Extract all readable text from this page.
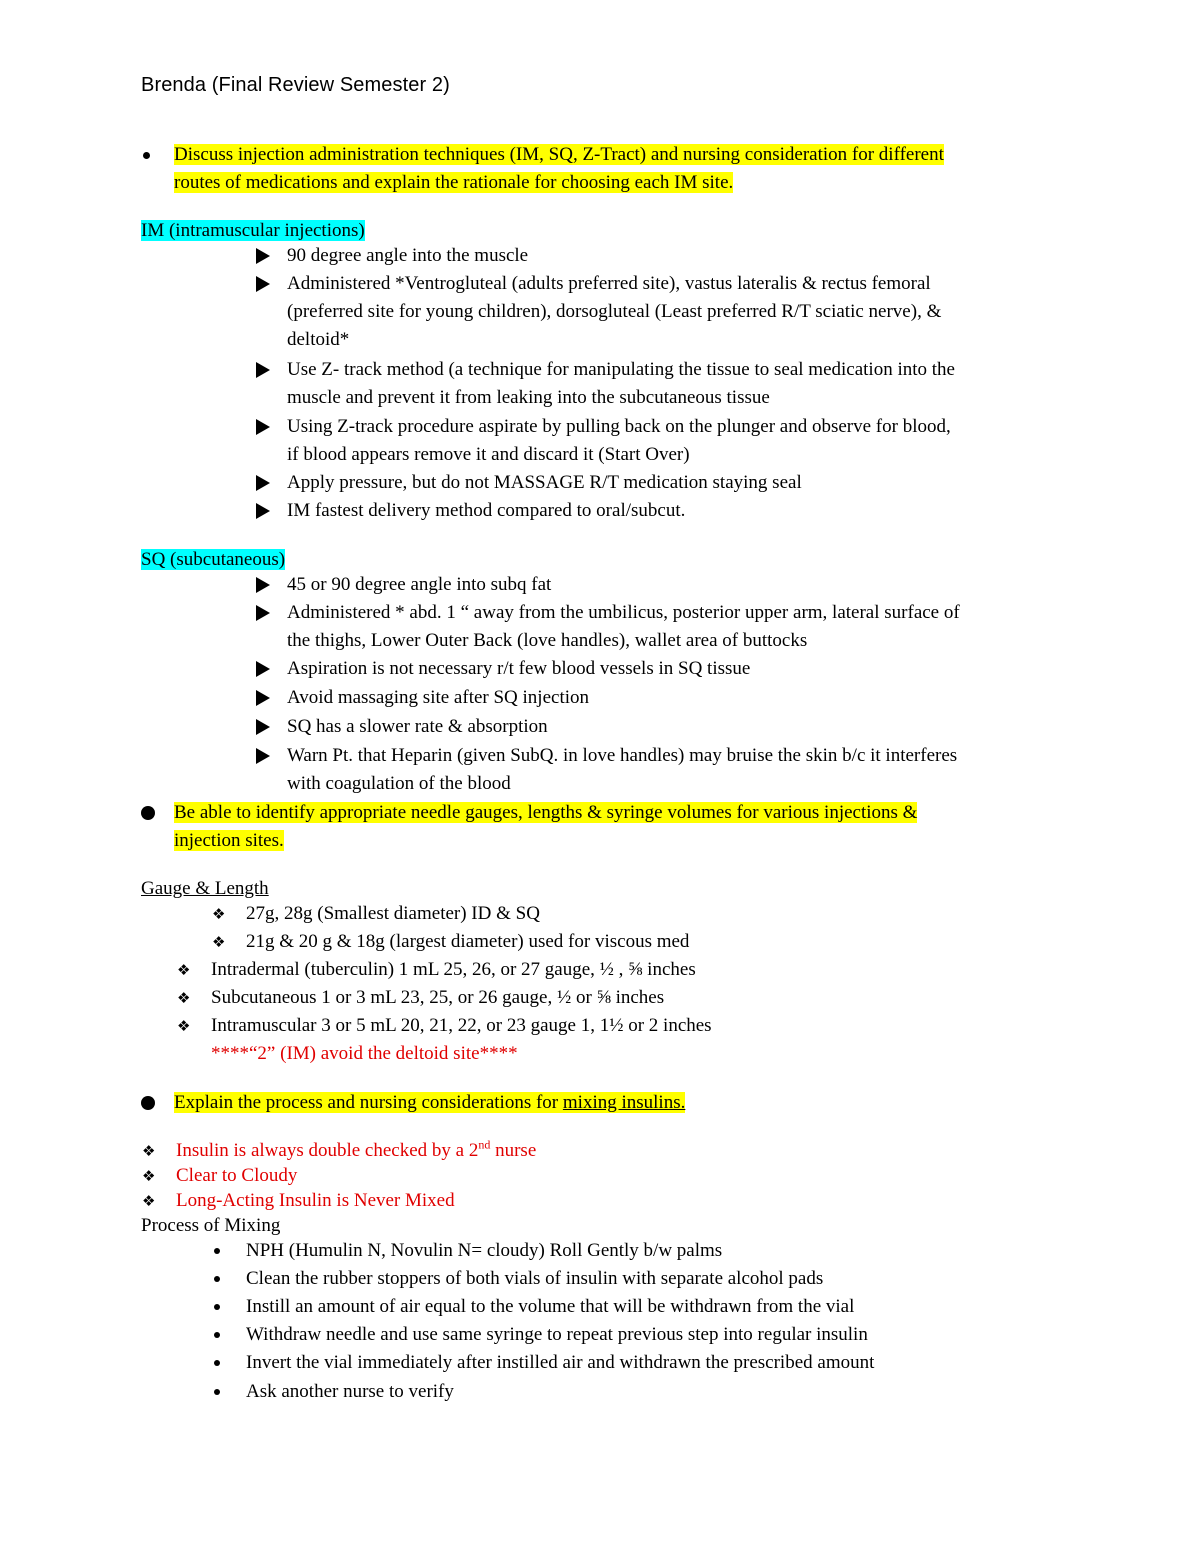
Brenda (Final Review Semester 2)
Discuss injection administration techniques (IM, SQ, Z-Tract) and nursing consideration for different
routes of medications and explain the rationale for choosing each IM site.
IM (intramuscular injections)
90 degree angle into the muscle
Administered *Ventrogluteal (adults preferred site), vastus lateralis & rectus femoral
(preferred site for young children), dorsogluteal (Least preferred R/T sciatic nerve), &
deltoid*
Use Z- track method (a technique for manipulating the tissue to seal medication into the
muscle and prevent it from leaking into the subcutaneous tissue
Using Z-track procedure aspirate by pulling back on the plunger and observe for blood,
if blood appears remove it and discard it (Start Over)
Apply pressure, but do not MASSAGE R/T medication staying seal
IM fastest delivery method compared to oral/subcut.
SQ (subcutaneous)
45 or 90 degree angle into subq fat
Administered * abd. 1 “ away from the umbilicus, posterior upper arm, lateral surface of
the thighs, Lower Outer Back (love handles), wallet area of buttocks
Aspiration is not necessary r/t few blood vessels in SQ tissue
Avoid massaging site after SQ injection
SQ has a slower rate & absorption
Warn Pt. that Heparin (given SubQ. in love handles) may bruise the skin b/c it interferes
with coagulation of the blood
Be able to identify appropriate needle gauges, lengths & syringe volumes for various injections &
injection sites.
Gauge & Length
❖ 27g, 28g (Smallest diameter) ID & SQ
❖ 21g & 20 g & 18g (largest diameter) used for viscous med
❖ Intradermal (tuberculin) 1 mL 25, 26, or 27 gauge, ½ , ⅝ inches
❖ Subcutaneous 1 or 3 mL 23, 25, or 26 gauge, ½ or ⅝ inches
❖ Intramuscular 3 or 5 mL 20, 21, 22, or 23 gauge 1, 1½ or 2 inches
****“2” (IM) avoid the deltoid site****
Explain the process and nursing considerations for mixing insulins.
❖ Insulin is always double checked by a 2nd nurse
❖ Clear to Cloudy
❖ Long-Acting Insulin is Never Mixed
Process of Mixing
NPH (Humulin N, Novulin N= cloudy) Roll Gently b/w palms
Clean the rubber stoppers of both vials of insulin with separate alcohol pads
Instill an amount of air equal to the volume that will be withdrawn from the vial
Withdraw needle and use same syringe to repeat previous step into regular insulin
Invert the vial immediately after instilled air and withdrawn the prescribed amount
Ask another nurse to verify
